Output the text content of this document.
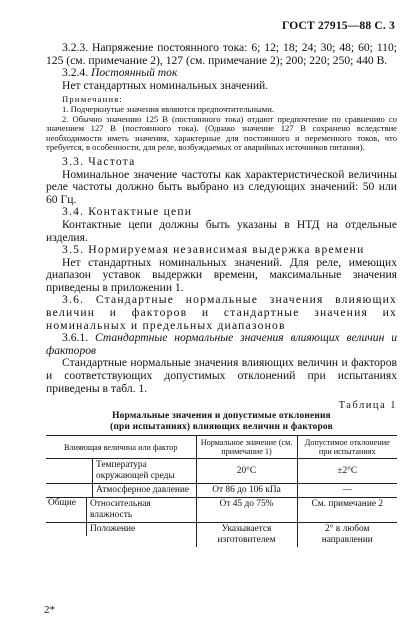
ГОСТ 27915—88 С. 3

3.2.3. Напряжение постоянного тока: 6; 12; 18; 24; 30; 48; 60; 110; 125 (см. примечание 2), 127 (см. примечание 2); 200; 220; 250; 440 В.

3.2.4. Постоянный ток

Нет стандартных номинальных значений.

Примечания:

1. Подчеркнутые значения являются предпочтительными.

2. Обычно значению 125 В (постоянного тока) отдают предпочтение по сравнению со значением 127 В (постоянного тока). (Однако значение 127 В сохранено вследствие необходимости иметь значения, характерные для постоянного и переменного токов, что требуется, в особенности, для реле, возбуждаемых от аварийных источников питания).

3.3. Частота

Номинальное значение частоты как характеристической величины реле частоты должно быть выбрано из следующих значений: 50 или 60 Гц.

3.4. Контактные цепи

Контактные цепи должны быть указаны в НТД на отдельные изделия.

3.5. Нормируемая независимая выдержка времени

Нет стандартных номинальных значений. Для реле, имеющих диапазон уставок выдержки времени, максимальные значения приведены в приложении 1.

3.6. Стандартные нормальные значения влияющих величин и факторов и стандартные значения их номинальных и предельных диапазонов

3.6.1. Стандартные нормальные значения влияющих величин и факторов

Стандартные нормальные значения влияющих величин и факторов и соответствующих допустимых отклонений при испытаниях приведены в табл. 1.

Таблица 1
Нормальные значения и допустимые отклонения
(при испытаниях) влияющих величин и факторов
Влияющая величина или фактор	Нормальное значение (см. примечание 1)	Допустимое отклонение при испытаниях

Температура окружающей среды	20°C	±2°C

Общие
Атмосферное давление	От 86 до 106 кПа	—

Относительная влажность	От 45 до 75%	См. примечание 2

Положение	Указывается изготовителем	2° в любом направлении
2*
